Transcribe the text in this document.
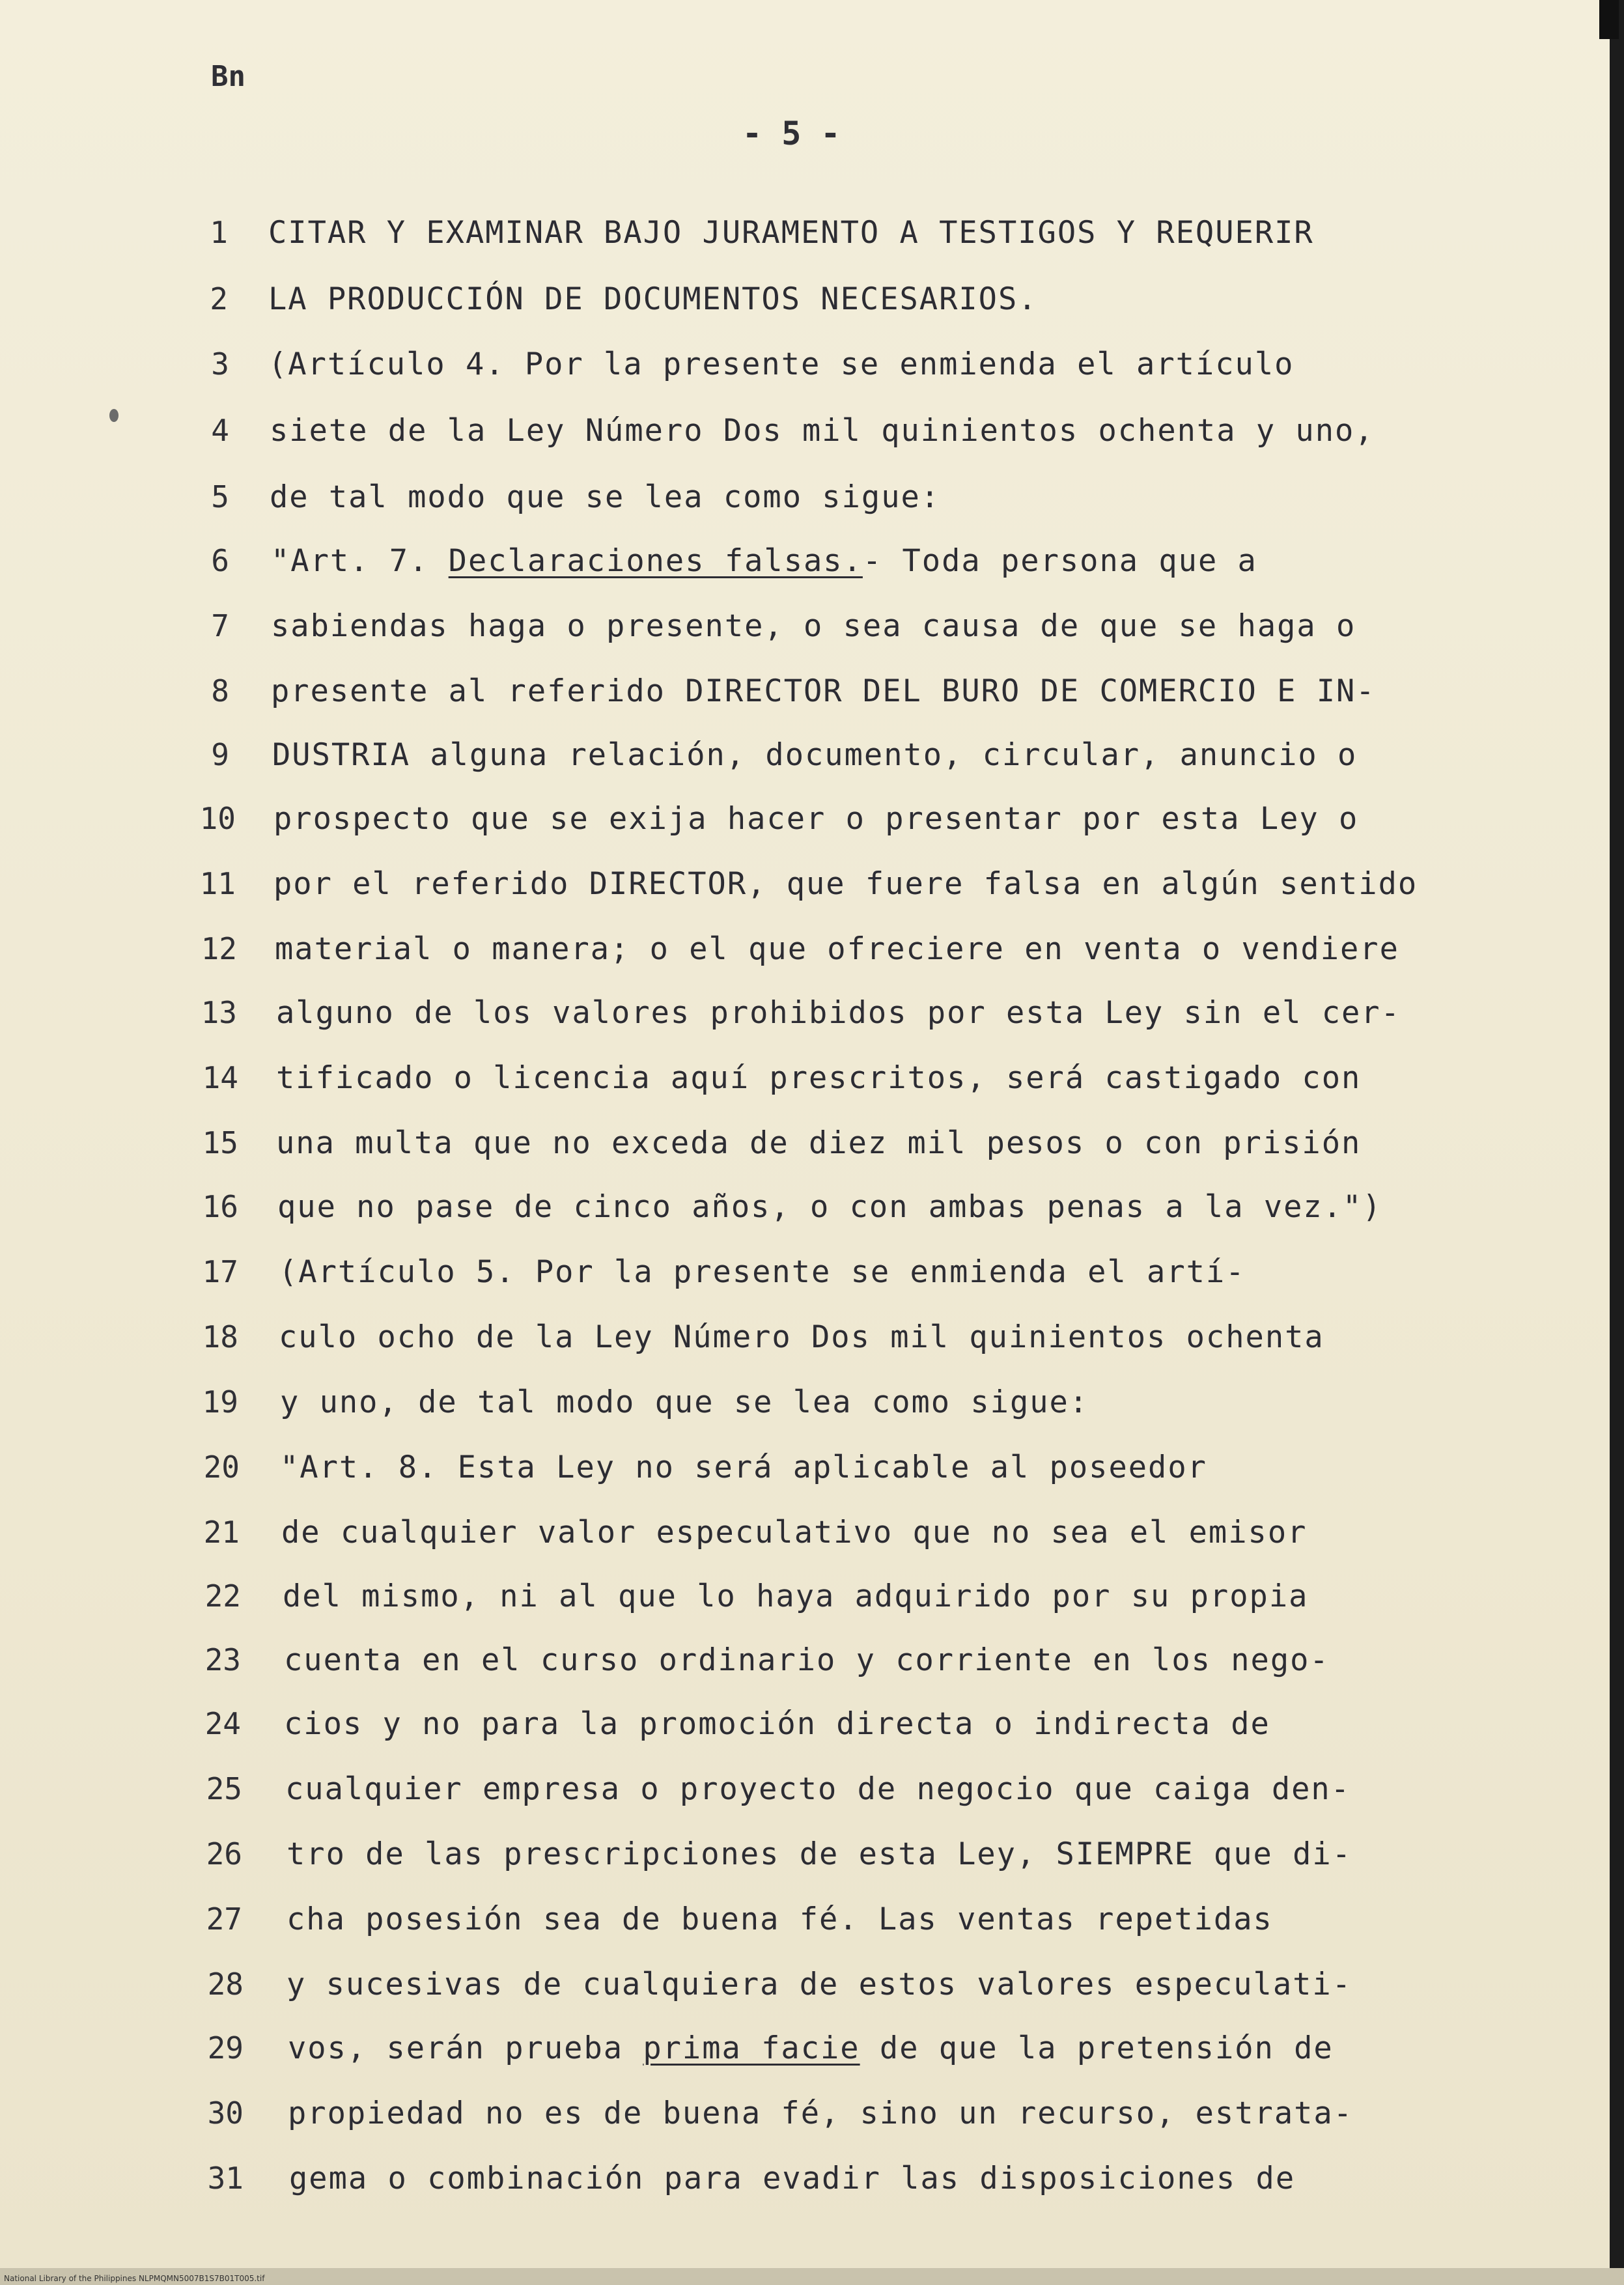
Bn
- 5 -
1 CITAR Y EXAMINAR BAJO JURAMENTO A TESTIGOS Y REQUERIR
2 LA PRODUCCIÓN DE DOCUMENTOS NECESARIOS.
3 (Artículo 4. Por la presente se enmienda el artículo
4 siete de la Ley Número Dos mil quinientos ochenta y uno,
5 de tal modo que se lea como sigue:
6 "Art. 7. Declaraciones falsas.- Toda persona que a
7 sabiendas haga o presente, o sea causa de que se haga o
8 presente al referido DIRECTOR DEL BURO DE COMERCIO E IN-
9 DUSTRIA alguna relación, documento, circular, anuncio o
10 prospecto que se exija hacer o presentar por esta Ley o
11 por el referido DIRECTOR, que fuere falsa en algún sentido
12 material o manera; o el que ofreciere en venta o vendiere
13 alguno de los valores prohibidos por esta Ley sin el cer-
14 tificado o licencia aquí prescritos, será castigado con
15 una multa que no exceda de diez mil pesos o con prisión
16 que no pase de cinco años, o con ambas penas a la vez.")
17 (Artículo 5. Por la presente se enmienda el artí-
18 culo ocho de la Ley Número Dos mil quinientos ochenta
19 y uno, de tal modo que se lea como sigue:
20 "Art. 8. Esta Ley no será aplicable al poseedor
21 de cualquier valor especulativo que no sea el emisor
22 del mismo, ni al que lo haya adquirido por su propia
23 cuenta en el curso ordinario y corriente en los nego-
24 cios y no para la promoción directa o indirecta de
25 cualquier empresa o proyecto de negocio que caiga den-
26 tro de las prescripciones de esta Ley, SIEMPRE que di-
27 cha posesión sea de buena fé. Las ventas repetidas
28 y sucesivas de cualquiera de estos valores especulati-
29 vos, serán prueba prima facie de que la pretensión de
30 propiedad no es de buena fé, sino un recurso, estrata-
31 gema o combinación para evadir las disposiciones de
National Library of the Philippines NLPMQMN5007B1S7B01T005.tif
